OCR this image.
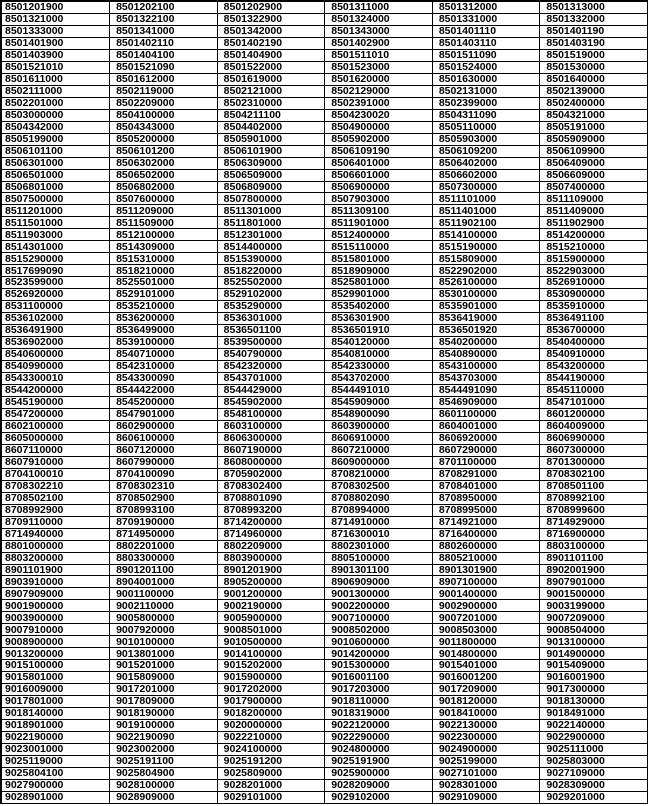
8501201900	8501202100	8501202900	8501311000	8501312000	8501313000
8501321000	8501322100	8501322900	8501324000	8501331000	8501332000
8501333000	8501341000	8501342000	8501343000	8501401110	8501401190
8501401900	8501402110	8501402190	8501402900	8501403110	8501403190
8501403900	8501404100	8501404900	8501511010	8501511090	8501519000
8501521010	8501521090	8501522000	8501523000	8501524000	8501530000
8501611000	8501612000	8501619000	8501620000	8501630000	8501640000
8502111000	8502119000	8502121000	8502129000	8502131000	8502139000
8502201000	8502209000	8502310000	8502391000	8502399000	8502400000
8503000000	8504100000	8504211100	8504230020	8504311090	8504321000
8504342000	8504343000	8504402000	8504900000	8505110000	8505191000
8505199000	8505200000	8505901000	8505902000	8505903000	8505909000
8506101100	8506101200	8506101900	8506109190	8506109200	8506109900
8506301000	8506302000	8506309000	8506401000	8506402000	8506409000
8506501000	8506502000	8506509000	8506601000	8506602000	8506609000
8506801000	8506802000	8506809000	8506900000	8507300000	8507400000
8507500000	8507600000	8507800000	8507903000	8511101000	8511109000
8511201000	8511209000	8511301000	8511309100	8511401000	8511409000
8511501000	8511509000	8511801000	8511901000	8511902100	8511902900
8511903000	8512100000	8512301000	8512400000	8514100000	8514200000
8514301000	8514309000	8514400000	8515110000	8515190000	8515210000
8515290000	8515310000	8515390000	8515801000	8515809000	8515900000
8517699090	8518210000	8518220000	8518909000	8522902000	8522903000
8523599000	8525501000	8525502000	8525801000	8526100000	8526910000
8526920000	8529101000	8529102000	8529901000	8530100000	8530900000
8531100000	8535210000	8535290000	8535402000	8535901000	8535910000
8536102000	8536200000	8536301000	8536301900	8536419000	8536491100
8536491900	8536499000	8536501100	8536501910	8536501920	8536700000
8536902000	8539100000	8539500000	8540120000	8540200000	8540400000
8540600000	8540710000	8540790000	8540810000	8540890000	8540910000
8540990000	8542310000	8542320000	8542330000	8543100000	8543200000
8543300010	8543300090	8543701000	8543702000	8543703000	8544190000
8544200000	8544422000	8544429000	8544491010	8544491090	8545110000
8545190000	8545200000	8545902000	8545909000	8546909000	8547101000
8547200000	8547901000	8548100000	8548900090	8601100000	8601200000
8602100000	8602900000	8603100000	8603900000	8604001000	8604009000
8605000000	8606100000	8606300000	8606910000	8606920000	8606990000
8607110000	8607120000	8607190000	8607210000	8607290000	8607300000
8607910000	8607990000	8608000000	8609000000	8701100000	8701300000
8704100010	8704100090	8705902000	8708210000	8708291000	8708302100
8708302210	8708302310	8708302400	8708302500	8708401000	8708501100
8708502100	8708502900	8708801090	8708802090	8708950000	8708992100
8708992900	8708993100	8708993200	8708994000	8708995000	8708999600
8709110000	8709190000	8714200000	8714910000	8714921000	8714929000
8714940000	8714950000	8714960000	8716300010	8716400000	8716900000
8801000000	8802201000	8802209000	8802301000	8802600000	8803100000
8803200000	8803300000	8803900000	8805100000	8805210000	8901101100
8901101900	8901201100	8901201900	8901301100	8901301900	8902001900
8903910000	8904001000	8905200000	8906909000	8907100000	8907901000
8907909000	9001100000	9001200000	9001300000	9001400000	9001500000
9001900000	9002110000	9002190000	9002200000	9002900000	9003199000
9003900000	9005800000	9005900000	9007100000	9007201000	9007209000
9007910000	9007920000	9008501000	9008502000	9008503000	9008504000
9008900000	9010100000	9010500000	9010600000	9011800000	9013100000
9013200000	9013801000	9014100000	9014200000	9014800000	9014900000
9015100000	9015201000	9015202000	9015300000	9015401000	9015409000
9015801000	9015809000	9015900000	9016001100	9016001200	9016001900
9016009000	9017201000	9017202000	9017203000	9017209000	9017300000
9017801000	9017809000	9017900000	9018110000	9018120000	9018130000
9018140000	9018190000	9018200000	9018319000	9018410000	9018491000
9018901000	9019100000	9020000000	9022120000	9022130000	9022140000
9022190000	9022190090	9022210000	9022290000	9022300000	9022900000
9023001000	9023002000	9024100000	9024800000	9024900000	9025111000
9025119000	9025191100	9025191200	9025191900	9025199000	9025803000
9025804100	9025804900	9025809000	9025900000	9027101000	9027109000
9027900000	9028100000	9028201000	9028209000	9028301000	9028309000
9028901000	9028909000	9029101000	9029102000	9029109000	9029201000
